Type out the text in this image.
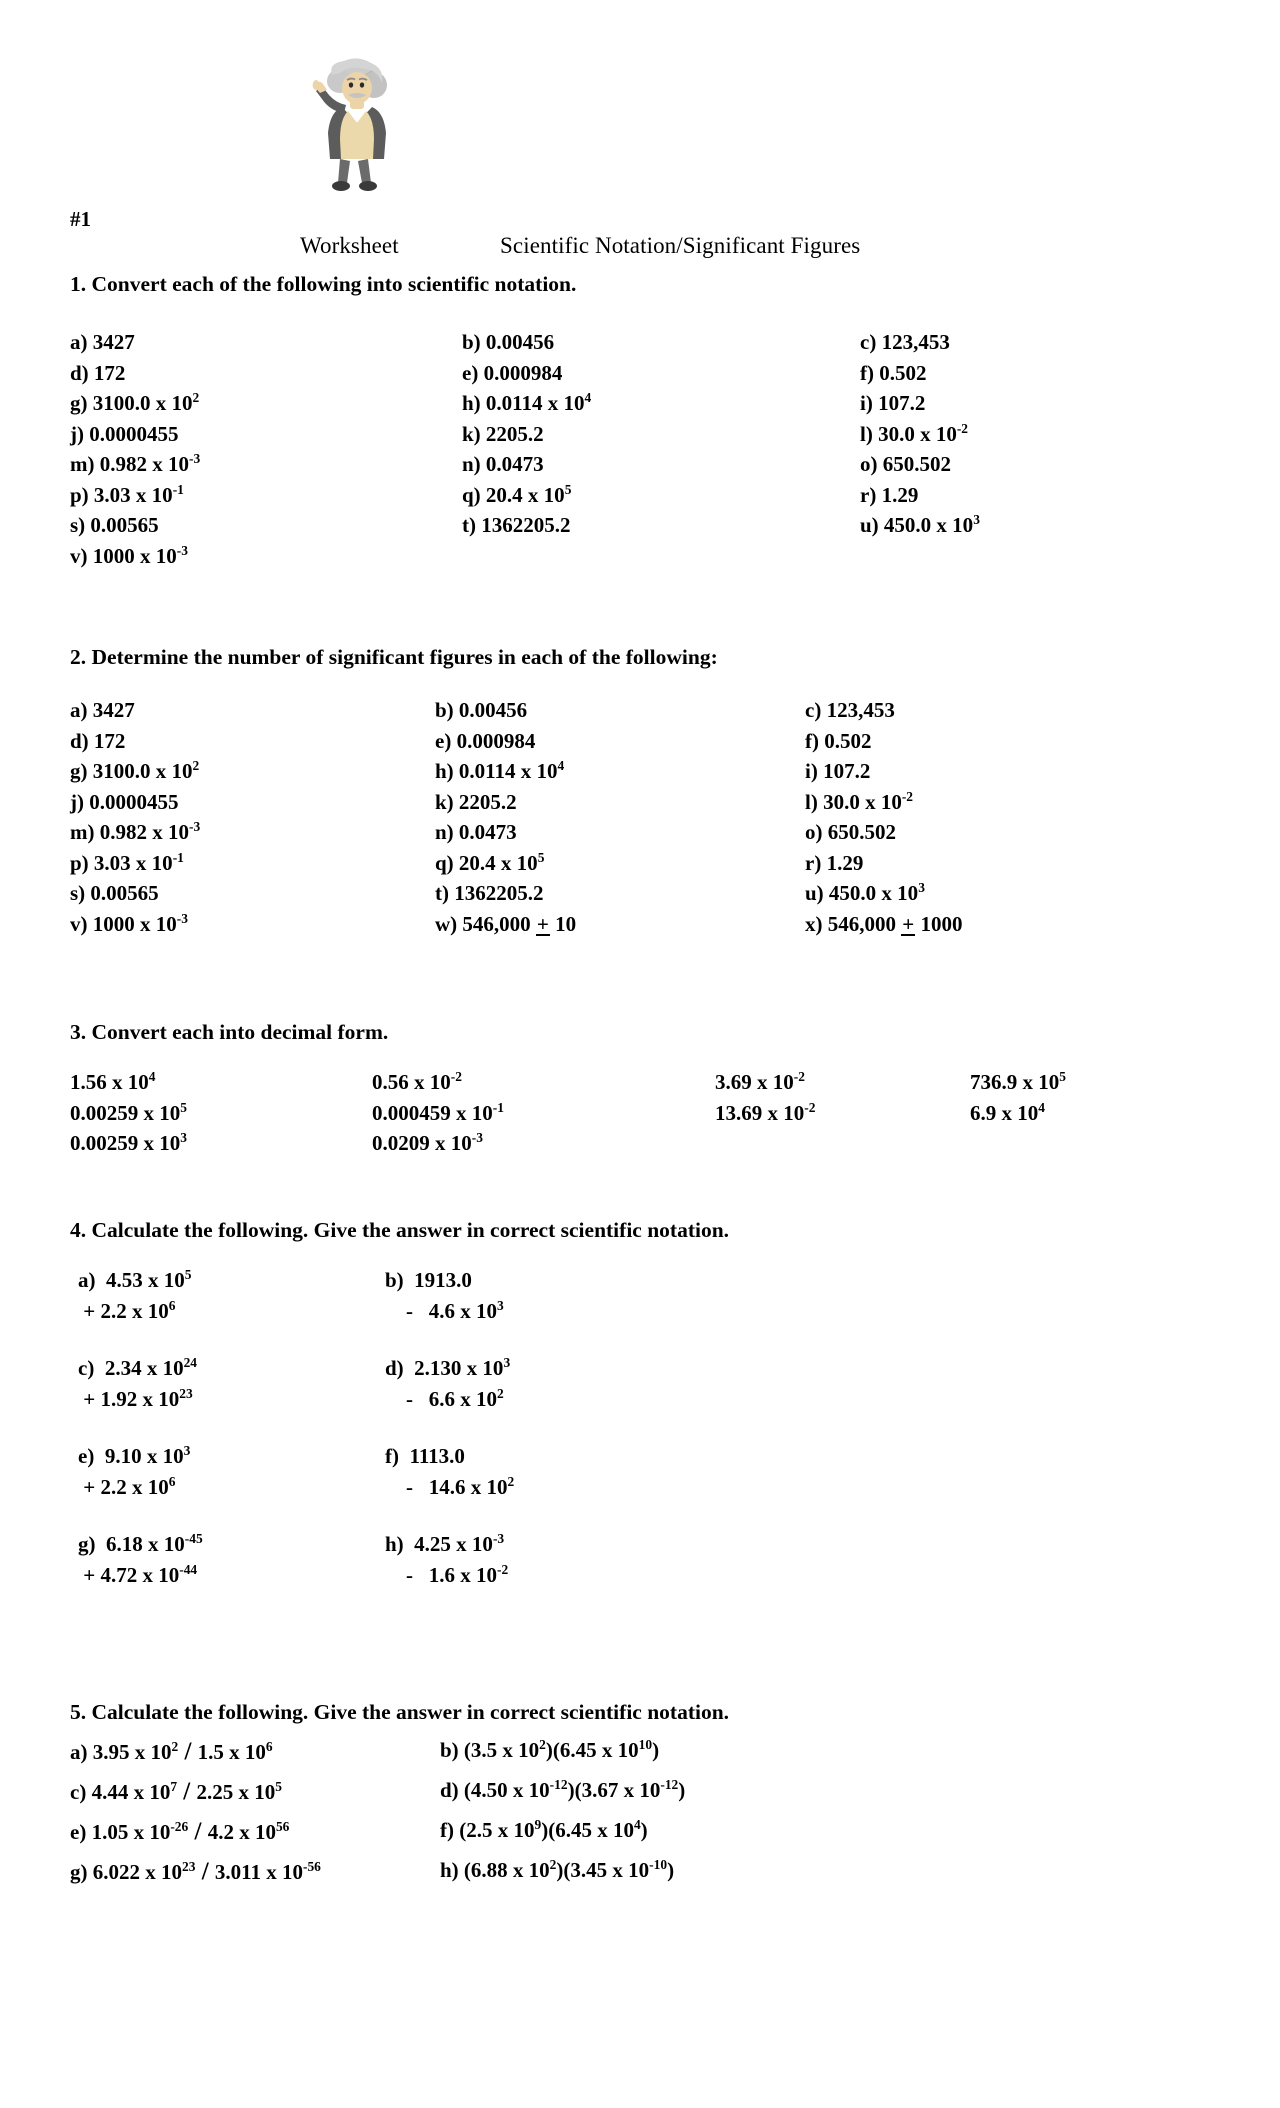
Worksheet	Scientific Notation/Significant Figures
#1
1. Convert each of the following into scientific notation.
a) 3427	b) 0.00456	c) 123,453
d) 172	e) 0.000984	f) 0.502
g) 3100.0 x $10^2$	h) 0.0114 x $10^4$	i) 107.2
j) 0.0000455	k) 2205.2	l) 30.0 x $10^{-2}$
m) 0.982 x $10^{-3}$	n) 0.0473	o) 650.502
p) 3.03 x $10^{-1}$	q) 20.4 x $10^5$	r) 1.29
s) 0.00565	t) 1362205.2	u) 450.0 x $10^3$
v) 1000 x $10^{-3}$
2. Determine the number of significant figures in each of the following:
a) 3427	b) 0.00456	c) 123,453
d) 172	e) 0.000984	f) 0.502
g) 3100.0 x $10^2$	h) 0.0114 x $10^4$	i) 107.2
j) 0.0000455	k) 2205.2	l) 30.0 x $10^{-2}$
m) 0.982 x $10^{-3}$	n) 0.0473	o) 650.502
p) 3.03 x $10^{-1}$	q) 20.4 x $10^5$	r) 1.29
s) 0.00565	t) 1362205.2	u) 450.0 x $10^3$
v) 1000 x $10^{-3}$	w) 546,000 + 10	x) 546,000 + 1000
3. Convert each into decimal form.
1.56 x $10^4$	0.56 x $10^{-2}$	3.69 x $10^{-2}$	736.9 x $10^5$
0.00259 x $10^5$	0.000459 x $10^{-1}$	13.69 x $10^{-2}$	6.9 x $10^4$
0.00259 x $10^3$	0.0209 x $10^{-3}$
4. Calculate the following. Give the answer in correct scientific notation.
a)  4.53 x $10^5$
+ 2.2 x $10^6$
b)  1913.0
-   4.6 x $10^3$
c)  2.34 x $10^{24}$
+ 1.92 x $10^{23}$
d)  2.130 x $10^3$
-   6.6 x $10^2$
e)  9.10 x $10^3$
+ 2.2 x $10^6$
f)  1113.0
-   14.6 x $10^2$
g)  6.18 x $10^{-45}$
+ 4.72 x $10^{-44}$
h)  4.25 x $10^{-3}$
-   1.6 x $10^{-2}$
5. Calculate the following. Give the answer in correct scientific notation.
a) 3.95 x $10^2 / 1.5$ x $10^6$	b) (3.5 x $10^2)(6.45$ x $10^{10}$)
c) 4.44 x $10^7 / 2.25$ x $10^5$	d) (4.50 x $10^{-12})(3.67$ x $10^{-12}$)
e) 1.05 x $10^{-26} / 4.2$ x $10^{56}$	f) (2.5 x $10^9)(6.45$ x $10^4$)
g) 6.022 x $10^{23} / 3.011$ x $10^{-56}$	h) (6.88 x $10^2)(3.45$ x $10^{-10}$)
